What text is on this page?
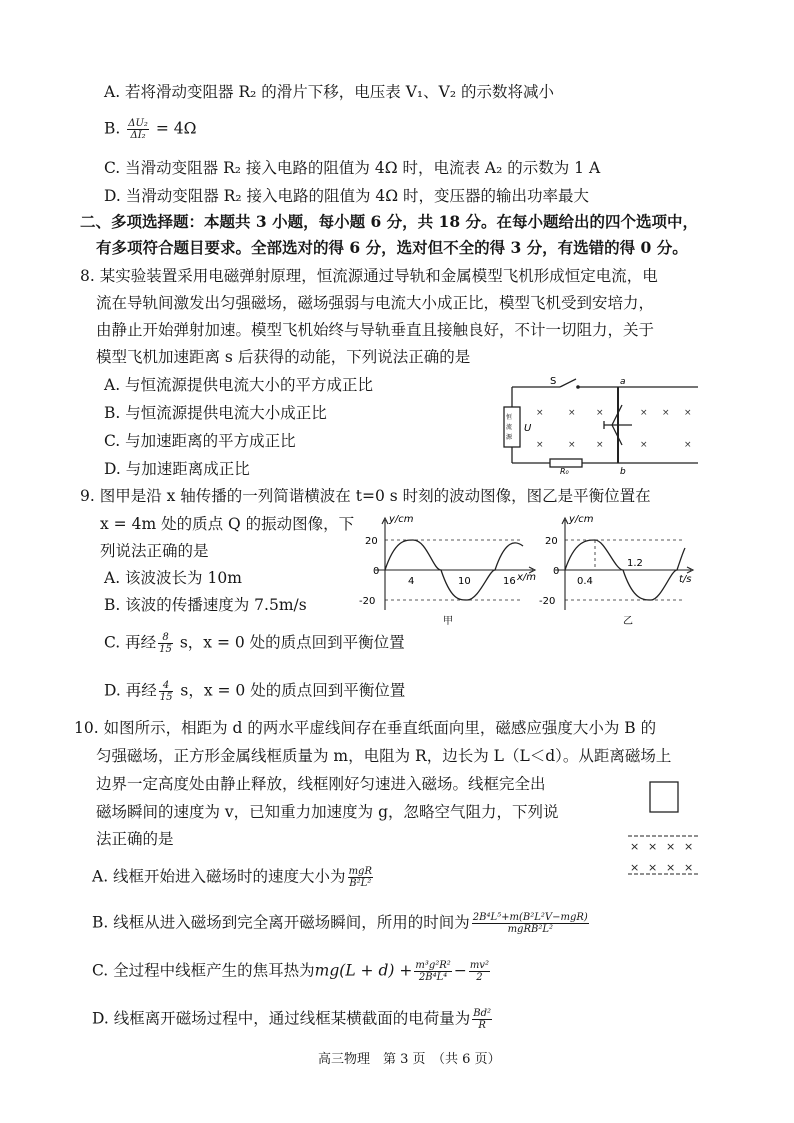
A. 若将滑动变阻器 R₂ 的滑片下移，电压表 V₁、V₂ 的示数将减小
B. $\frac{\text{ΔU₂}}{\text{ΔI₂}} = 4\Omega$
C. 当滑动变阻器 R₂ 接入电路的阻值为 4Ω 时，电流表 A₂ 的示数为 1 A
D. 当滑动变阻器 R₂ 接入电路的阻值为 4Ω 时，变压器的输出功率最大
二、多项选择题：本题共 3 小题，每小题 6 分，共 18 分。在每小题给出的四个选项中，
有多项符合题目要求。全部选对的得 6 分，选对但不全的得 3 分，有选错的得 0 分。
8. 某实验装置采用电磁弹射原理，恒流源通过导轨和金属模型飞机形成恒定电流，电
流在导轨间激发出匀强磁场，磁场强弱与电流大小成正比，模型飞机受到安培力，
由静止开始弹射加速。模型飞机始终与导轨垂直且接触良好，不计一切阻力，关于
模型飞机加速距离 s 后获得的动能，下列说法正确的是
A. 与恒流源提供电流大小的平方成正比
B. 与恒流源提供电流大小成正比
C. 与加速距离的平方成正比
D. 与加速距离成正比
S	a
b
U
R₀
恒
流
源
×	× ×	× × ×
×	× ×	×	×
9. 图甲是沿 x 轴传播的一列简谐横波在 t=0 s 时刻的波动图像，图乙是平衡位置在
x = 4m 处的质点 Q 的振动图像，下
列说法正确的是
A. 该波波长为 10m
B. 该波的传播速度为 7.5m/s
C. 再经 $\frac{8}{15}$ s，x = 0 处的质点回到平衡位置
D. 再经 $\frac{4}{15}$ s，x = 0 处的质点回到平衡位置
y/cm
20
0
-20
4	10	16 x/m
甲
y/cm
20
0
-20
0.4
1.2
t/s
乙
10. 如图所示，相距为 d 的两水平虚线间存在垂直纸面向里，磁感应强度大小为 B 的
匀强磁场，正方形金属线框质量为 m，电阻为 R，边长为 L（L＜d）。从距离磁场上
边界一定高度处由静止释放，线框刚好匀速进入磁场。线框完全出
磁场瞬间的速度为 v，已知重力加速度为 g，忽略空气阻力，下列说
法正确的是	× × × ×
× × × ×
A. 线框开始进入磁场时的速度大小为 $\frac{\text{mgR}}{\text{B²L²}}$
B. 线框从进入磁场到完全离开磁场瞬间，所用的时间为 $\frac{\text{2B⁴L⁵+m(B²L²V−mgR)}}{\text{mgRB²L²}}$
C. 全过程中线框产生的焦耳热为$mg(L + d) + \frac{\text{m³g²R²}}{\text{2B⁴L⁴}} - \frac{\text{mv²}}{2}$
D. 线框离开磁场过程中，通过线框某横截面的电荷量为 $\frac{\text{Bd²}}{R}$
高三物理　第 3 页　（共 6 页）
